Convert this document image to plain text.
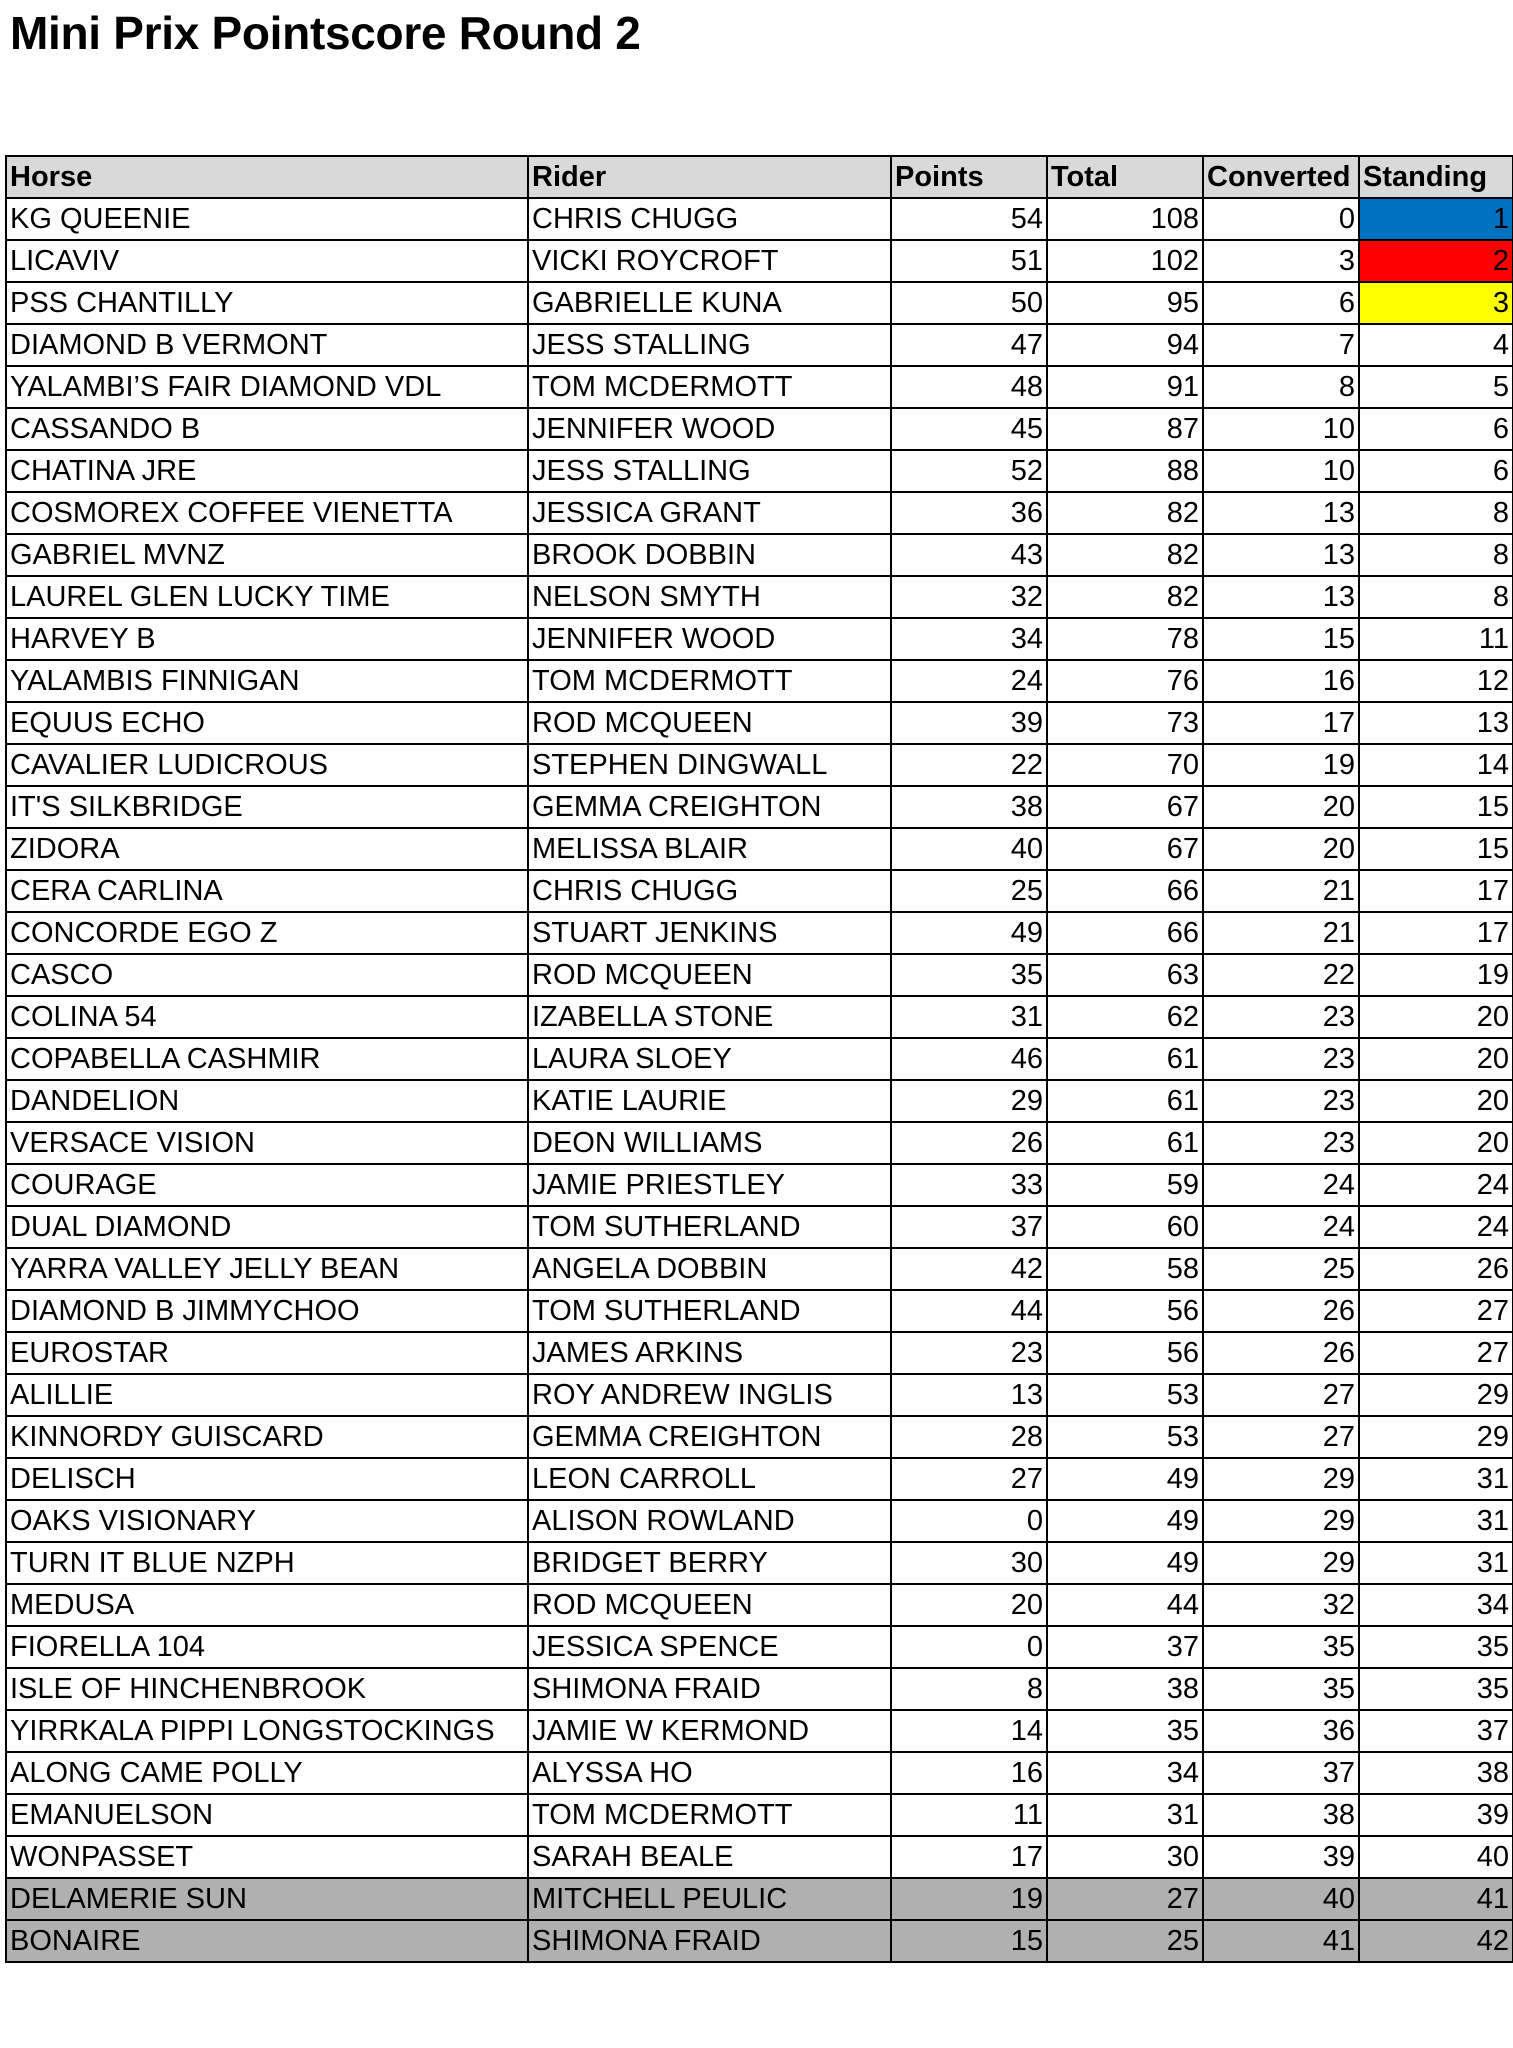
Mini Prix Pointscore Round 2
Horse	Rider	Points	Total	Converted	Standing
KG QUEENIE	CHRIS CHUGG	54	108	0	1
LICAVIV	VICKI ROYCROFT	51	102	3	2
PSS CHANTILLY	GABRIELLE KUNA	50	95	6	3
DIAMOND B VERMONT	JESS STALLING	47	94	7	4
YALAMBI’S FAIR DIAMOND VDL	TOM MCDERMOTT	48	91	8	5
CASSANDO B	JENNIFER WOOD	45	87	10	6
CHATINA JRE	JESS STALLING	52	88	10	6
COSMOREX COFFEE VIENETTA	JESSICA GRANT	36	82	13	8
GABRIEL MVNZ	BROOK DOBBIN	43	82	13	8
LAUREL GLEN LUCKY TIME	NELSON SMYTH	32	82	13	8
HARVEY B	JENNIFER WOOD	34	78	15	11
YALAMBIS FINNIGAN	TOM MCDERMOTT	24	76	16	12
EQUUS ECHO	ROD MCQUEEN	39	73	17	13
CAVALIER LUDICROUS	STEPHEN DINGWALL	22	70	19	14
IT'S SILKBRIDGE	GEMMA CREIGHTON	38	67	20	15
ZIDORA	MELISSA BLAIR	40	67	20	15
CERA CARLINA	CHRIS CHUGG	25	66	21	17
CONCORDE EGO Z	STUART JENKINS	49	66	21	17
CASCO	ROD MCQUEEN	35	63	22	19
COLINA 54	IZABELLA STONE	31	62	23	20
COPABELLA CASHMIR	LAURA SLOEY	46	61	23	20
DANDELION	KATIE LAURIE	29	61	23	20
VERSACE VISION	DEON WILLIAMS	26	61	23	20
COURAGE	JAMIE PRIESTLEY	33	59	24	24
DUAL DIAMOND	TOM SUTHERLAND	37	60	24	24
YARRA VALLEY JELLY BEAN	ANGELA DOBBIN	42	58	25	26
DIAMOND B JIMMYCHOO	TOM SUTHERLAND	44	56	26	27
EUROSTAR	JAMES ARKINS	23	56	26	27
ALILLIE	ROY ANDREW INGLIS	13	53	27	29
KINNORDY GUISCARD	GEMMA CREIGHTON	28	53	27	29
DELISCH	LEON CARROLL	27	49	29	31
OAKS VISIONARY	ALISON ROWLAND	0	49	29	31
TURN IT BLUE NZPH	BRIDGET BERRY	30	49	29	31
MEDUSA	ROD MCQUEEN	20	44	32	34
FIORELLA 104	JESSICA SPENCE	0	37	35	35
ISLE OF HINCHENBROOK	SHIMONA FRAID	8	38	35	35
YIRRKALA PIPPI LONGSTOCKINGS	JAMIE W KERMOND	14	35	36	37
ALONG CAME POLLY	ALYSSA HO	16	34	37	38
EMANUELSON	TOM MCDERMOTT	11	31	38	39
WONPASSET	SARAH BEALE	17	30	39	40
DELAMERIE SUN	MITCHELL PEULIC	19	27	40	41
BONAIRE	SHIMONA FRAID	15	25	41	42
